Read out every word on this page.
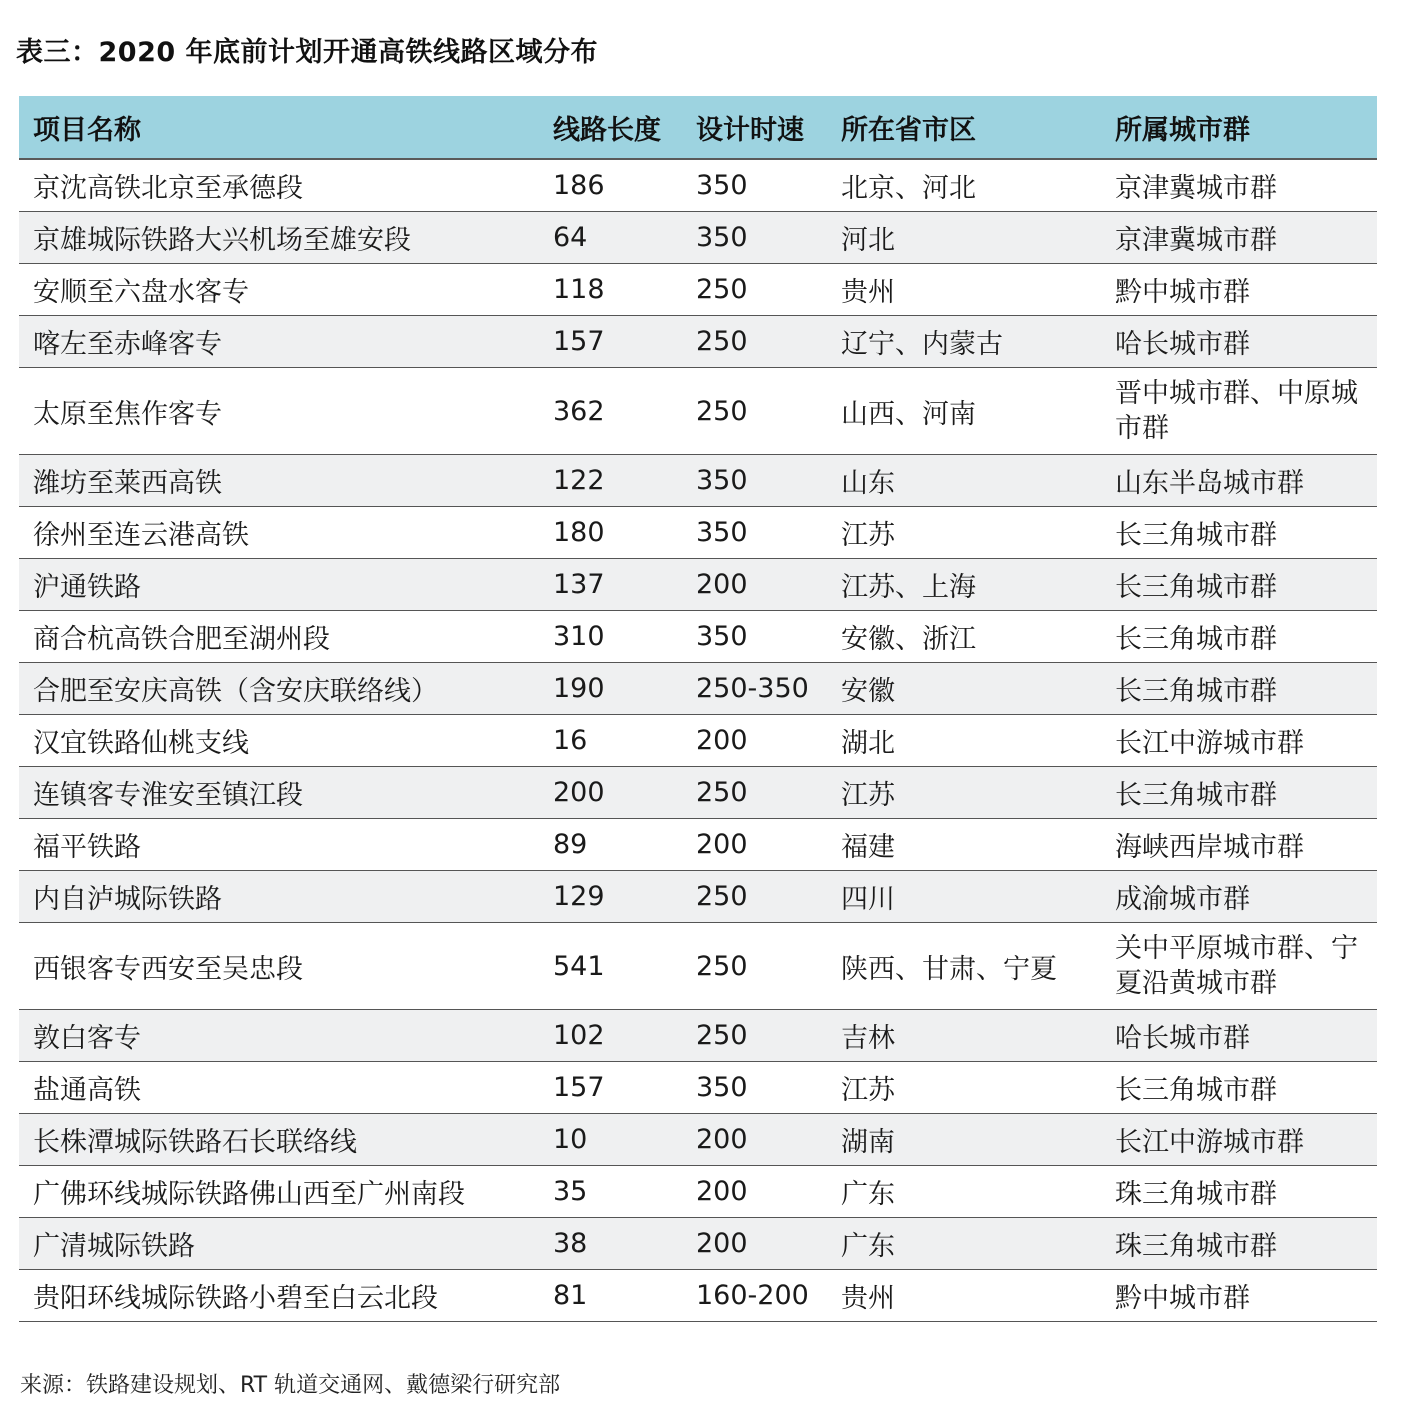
表三：2020 年底前计划开通高铁线路区域分布
项目名称	线路长度	设计时速	所在省市区	所属城市群
京沈高铁北京至承德段	186	350	北京、河北	京津冀城市群
京雄城际铁路大兴机场至雄安段	64	350	河北	京津冀城市群
安顺至六盘水客专	118	250	贵州	黔中城市群
喀左至赤峰客专	157	250	辽宁、内蒙古	哈长城市群
太原至焦作客专	362	250	山西、河南	晋中城市群、中原城市群
潍坊至莱西高铁	122	350	山东	山东半岛城市群
徐州至连云港高铁	180	350	江苏	长三角城市群
沪通铁路	137	200	江苏、上海	长三角城市群
商合杭高铁合肥至湖州段	310	350	安徽、浙江	长三角城市群
合肥至安庆高铁（含安庆联络线）	190	250-350	安徽	长三角城市群
汉宜铁路仙桃支线	16	200	湖北	长江中游城市群
连镇客专淮安至镇江段	200	250	江苏	长三角城市群
福平铁路	89	200	福建	海峡西岸城市群
内自泸城际铁路	129	250	四川	成渝城市群
西银客专西安至吴忠段	541	250	陕西、甘肃、宁夏	关中平原城市群、宁夏沿黄城市群
敦白客专	102	250	吉林	哈长城市群
盐通高铁	157	350	江苏	长三角城市群
长株潭城际铁路石长联络线	10	200	湖南	长江中游城市群
广佛环线城际铁路佛山西至广州南段	35	200	广东	珠三角城市群
广清城际铁路	38	200	广东	珠三角城市群
贵阳环线城际铁路小碧至白云北段	81	160-200	贵州	黔中城市群
来源：铁路建设规划、RT 轨道交通网、戴德梁行研究部
